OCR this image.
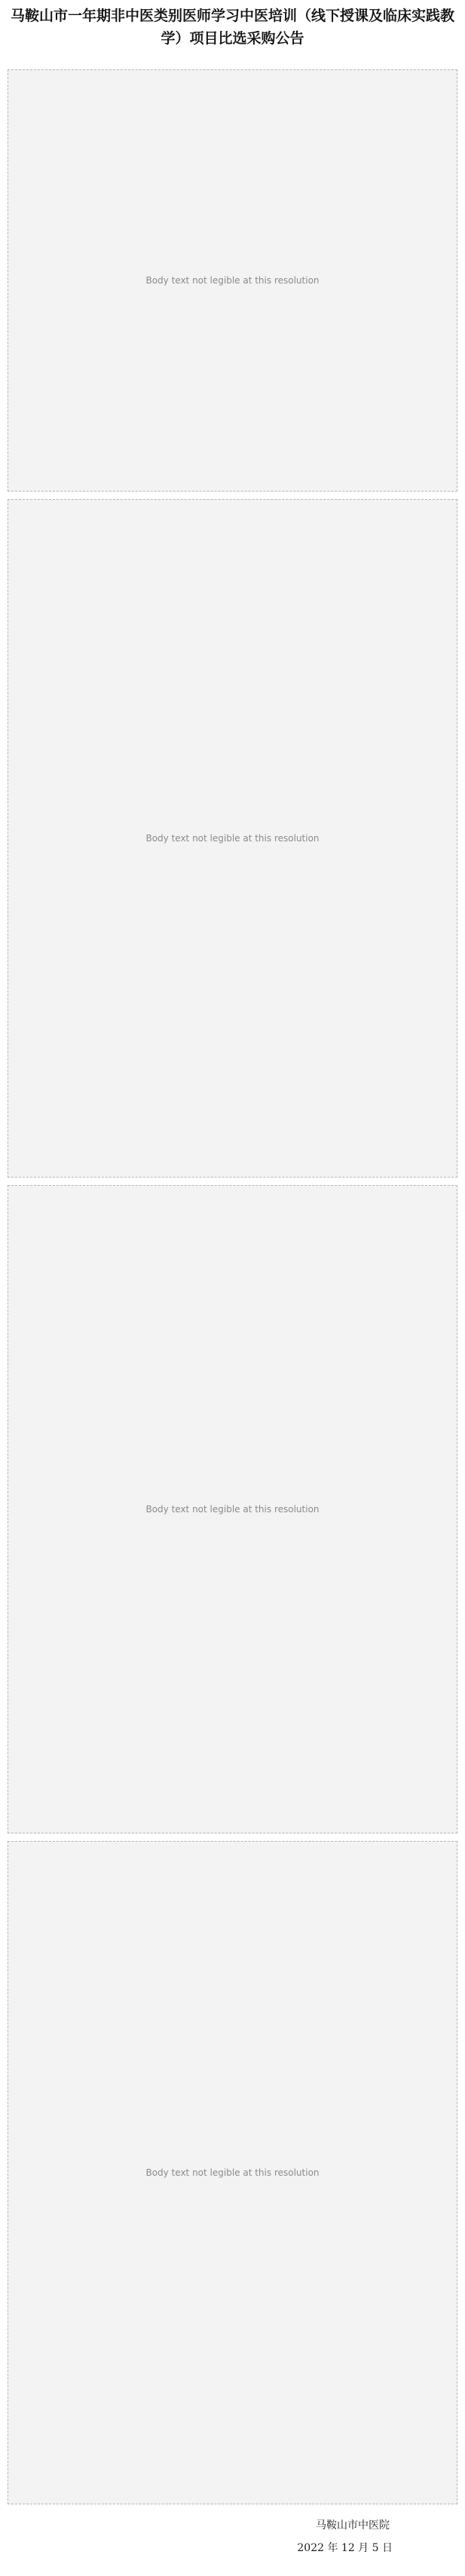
马鞍山市一年期非中医类别医师学习中医培训（线下授课及临床实践教学）项目比选采购公告
Body text not legible at this resolution
Body text not legible at this resolution
Body text not legible at this resolution
Body text not legible at this resolution
马鞍山市中医院
2022 年 12 月 5 日
